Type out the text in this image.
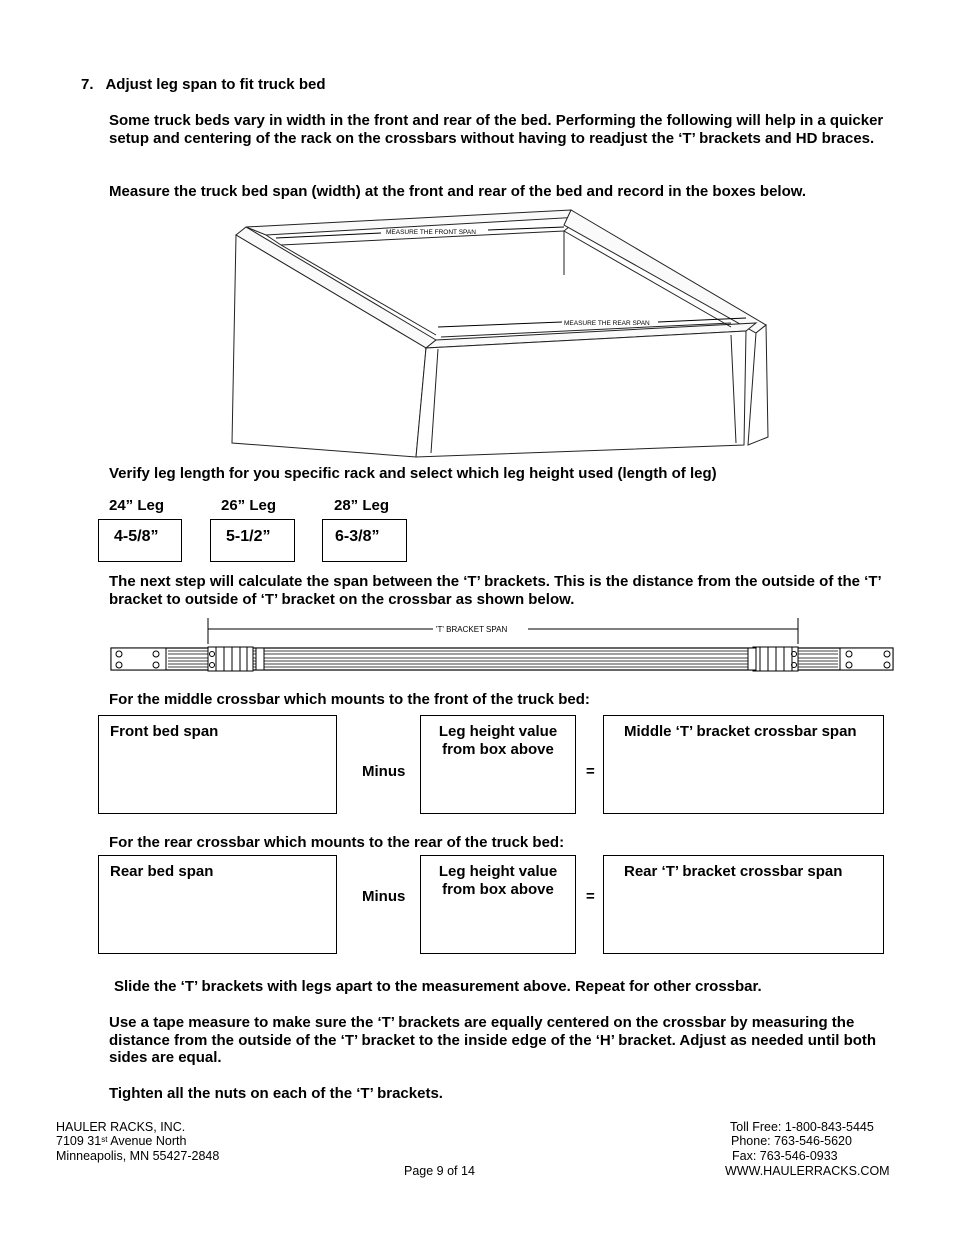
7. Adjust leg span to fit truck bed
Some truck beds vary in width in the front and rear of the bed. Performing the following will help in a quicker setup and centering of the rack on the crossbars without having to readjust the ‘T’ brackets and HD braces.
Measure the truck bed span (width) at the front and rear of the bed and record in the boxes below.
MEASURE THE FRONT SPAN
MEASURE THE REAR SPAN
Verify leg length for you specific rack and select which leg height used (length of leg)
24” Leg	26” Leg	28” Leg
4-5/8”	5-1/2”	6-3/8”
The next step will calculate the span between the ‘T’ brackets. This is the distance from the outside of the ‘T’ bracket to outside of ‘T’ bracket on the crossbar as shown below.
'T' BRACKET SPAN
For the middle crossbar which mounts to the front of the truck bed:
Front bed span
Minus
Leg height value from box above
=
Middle ‘T’ bracket crossbar span
For the rear crossbar which mounts to the rear of the truck bed:
Rear bed span
Minus
Leg height value from box above	=
Rear ‘T’ bracket crossbar span
Slide the ‘T’ brackets with legs apart to the measurement above. Repeat for other crossbar.
Use a tape measure to make sure the ‘T’ brackets are equally centered on the crossbar by measuring the distance from the outside of the ‘T’ bracket to the inside edge of the ‘H’ bracket. Adjust as needed until both sides are equal.
Tighten all the nuts on each of the ‘T’ brackets.
HAULER RACKS, INC.
7109 31st Avenue North
Minneapolis, MN 55427-2848
Page 9 of 14
Toll Free: 1-800-843-5445
Phone: 763-546-5620
Fax: 763-546-0933
WWW.HAULERRACKS.COM
